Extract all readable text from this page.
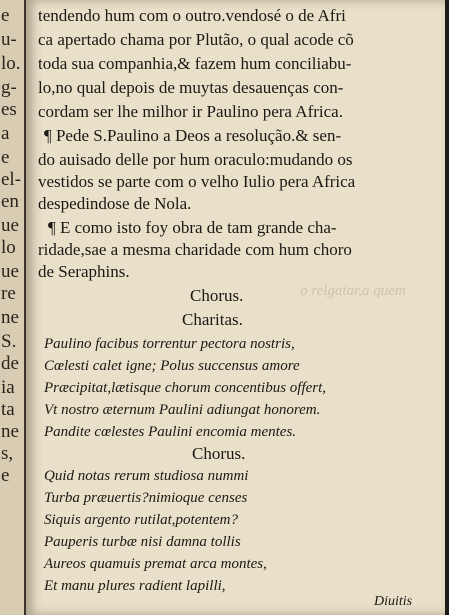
o relgatar,a quem
e
u-
lo.
g-
es
a
e
el-
en
ue
lo
ue
re
ne
S.
de
ia
ta
ne
s,
e
tendendo hum com o outro.vendosé o de Afri
ca apertado chama por Plutão, o qual acode cõ
toda sua companhia,& fazem hum conciliabu-
lo,no qual depois de muytas desauenças con-
cordam ser lhe milhor ir Paulino pera Africa.
¶ Pede S.Paulino a Deos a resolução.& sen-
do auisado delle por hum oraculo:mudando os
vestidos se parte com o velho Iulio pera Africa
despedindose de Nola.
¶ E como isto foy obra de tam grande cha-
ridade,sae a mesma charidade com hum choro
de Seraphins.
Chorus.
Charitas.
Paulino facibus torrentur pectora nostris,
Cœlesti calet igne; Polus succensus amore
Præcipitat,lætisque chorum concentibus offert,
Vt nostro æternum Paulini adiungat honorem.
Pandite cœlestes Paulini encomia mentes.
Chorus.
Quid notas rerum studiosa nummi
Turba præuertis?nimioque censes
Siquis argento rutilat,potentem?
Pauperis turbæ nisi damna tollis
Aureos quamuis premat arca montes,
Et manu plures radient lapilli,
Diuitis
